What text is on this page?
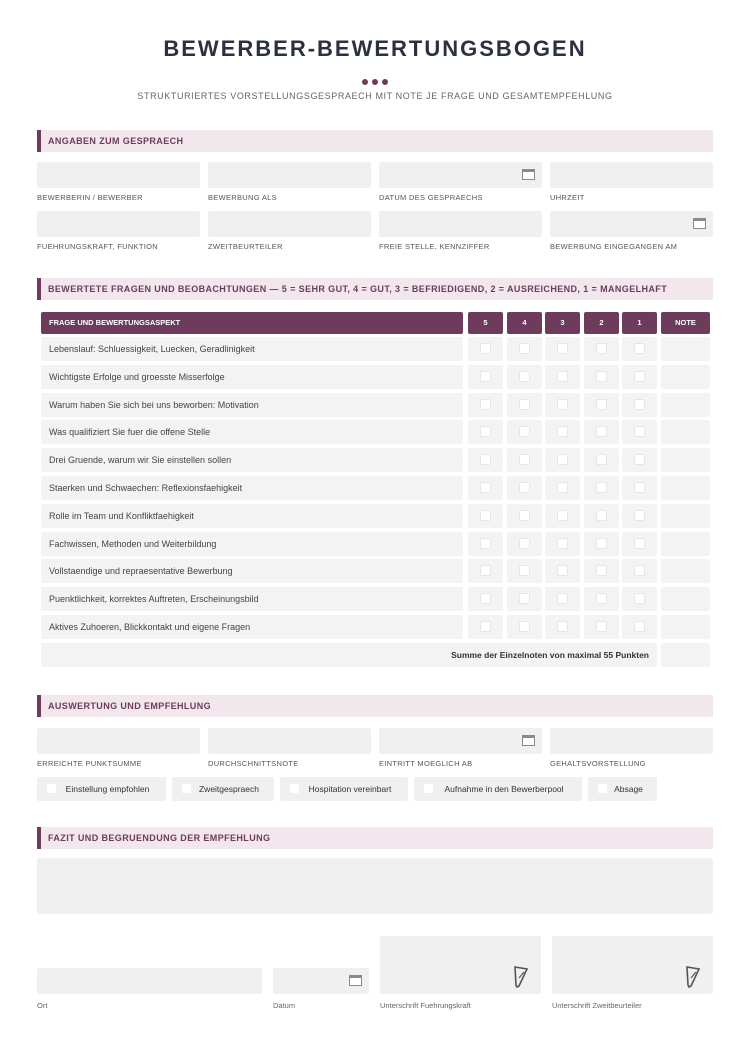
BEWERBER-BEWERTUNGSBOGEN
STRUKTURIERTES VORSTELLUNGSGESPRAECH MIT NOTE JE FRAGE UND GESAMTEMPFEHLUNG
ANGABEN ZUM GESPRAECH
BEWERBERIN / BEWERBER	BEWERBUNG ALS	DATUM DES GESPRAECHS	UHRZEIT
FUEHRUNGSKRAFT, FUNKTION	ZWEITBEURTEILER	FREIE STELLE, KENNZIFFER	BEWERBUNG EINGEGANGEN AM
BEWERTETE FRAGEN UND BEOBACHTUNGEN — 5 = SEHR GUT, 4 = GUT, 3 = BEFRIEDIGEND, 2 = AUSREICHEND, 1 = MANGELHAFT
FRAGE UND BEWERTUNGSASPEKT	5	4	3	2	1	NOTE
Lebenslauf: Schluessigkeit, Luecken, Geradlinigkeit
Wichtigste Erfolge und groesste Misserfolge
Warum haben Sie sich bei uns beworben: Motivation
Was qualifiziert Sie fuer die offene Stelle
Drei Gruende, warum wir Sie einstellen sollen
Staerken und Schwaechen: Reflexionsfaehigkeit
Rolle im Team und Konfliktfaehigkeit
Fachwissen, Methoden und Weiterbildung
Vollstaendige und repraesentative Bewerbung
Puenktlichkeit, korrektes Auftreten, Erscheinungsbild
Aktives Zuhoeren, Blickkontakt und eigene Fragen
Summe der Einzelnoten von maximal 55 Punkten
AUSWERTUNG UND EMPFEHLUNG
ERREICHTE PUNKTSUMME	DURCHSCHNITTSNOTE	EINTRITT MOEGLICH AB	GEHALTSVORSTELLUNG
Einstellung empfohlen	Zweitgespraech	Hospitation vereinbart	Aufnahme in den Bewerberpool	Absage
FAZIT UND BEGRUENDUNG DER EMPFEHLUNG
Ort	Datum	Unterschrift Fuehrungskraft	Unterschrift Zweitbeurteiler
